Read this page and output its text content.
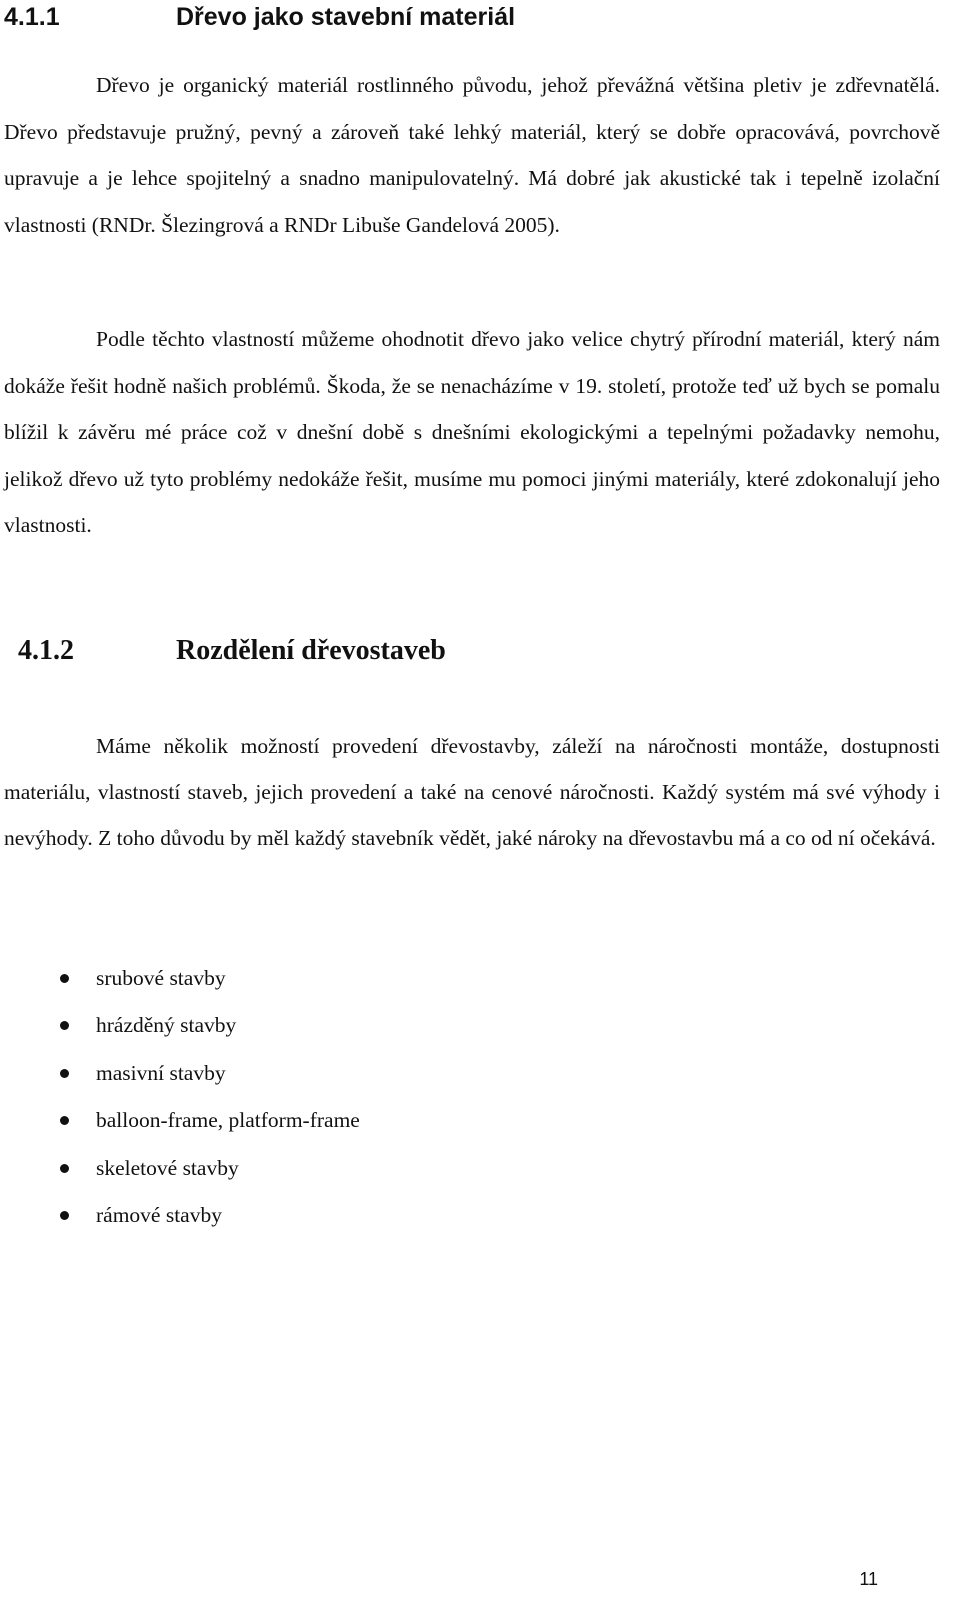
4.1.1	Dřevo jako stavební materiál

Dřevo je organický materiál rostlinného původu, jehož převážná většina pletiv je zdřevnatělá. Dřevo představuje pružný, pevný a zároveň také lehký materiál, který se dobře opracovává, povrchově upravuje a je lehce spojitelný a snadno manipulovatelný. Má dobré jak akustické tak i tepelně izolační vlastnosti (RNDr. Šlezingrová a RNDr Libuše Gandelová 2005).

Podle těchto vlastností můžeme ohodnotit dřevo jako velice chytrý přírodní materiál, který nám dokáže řešit hodně našich problémů. Škoda, že se nenacházíme v 19. století, protože teď už bych se pomalu blížil k závěru mé práce což v dnešní době s dnešními ekologickými a tepelnými požadavky nemohu, jelikož dřevo už tyto problémy nedokáže řešit, musíme mu pomoci jinými materiály, které zdokonalují jeho vlastnosti.

4.1.2	Rozdělení dřevostaveb

Máme několik možností provedení dřevostavby, záleží na náročnosti montáže, dostupnosti materiálu, vlastností staveb, jejich provedení a také na cenové náročnosti. Každý systém má své výhody i nevýhody. Z toho důvodu by měl každý stavebník vědět, jaké nároky na dřevostavbu má a co od ní očekává.

srubové stavby
hrázděný stavby
masivní stavby
balloon-frame, platform-frame
skeletové stavby
rámové stavby
11
